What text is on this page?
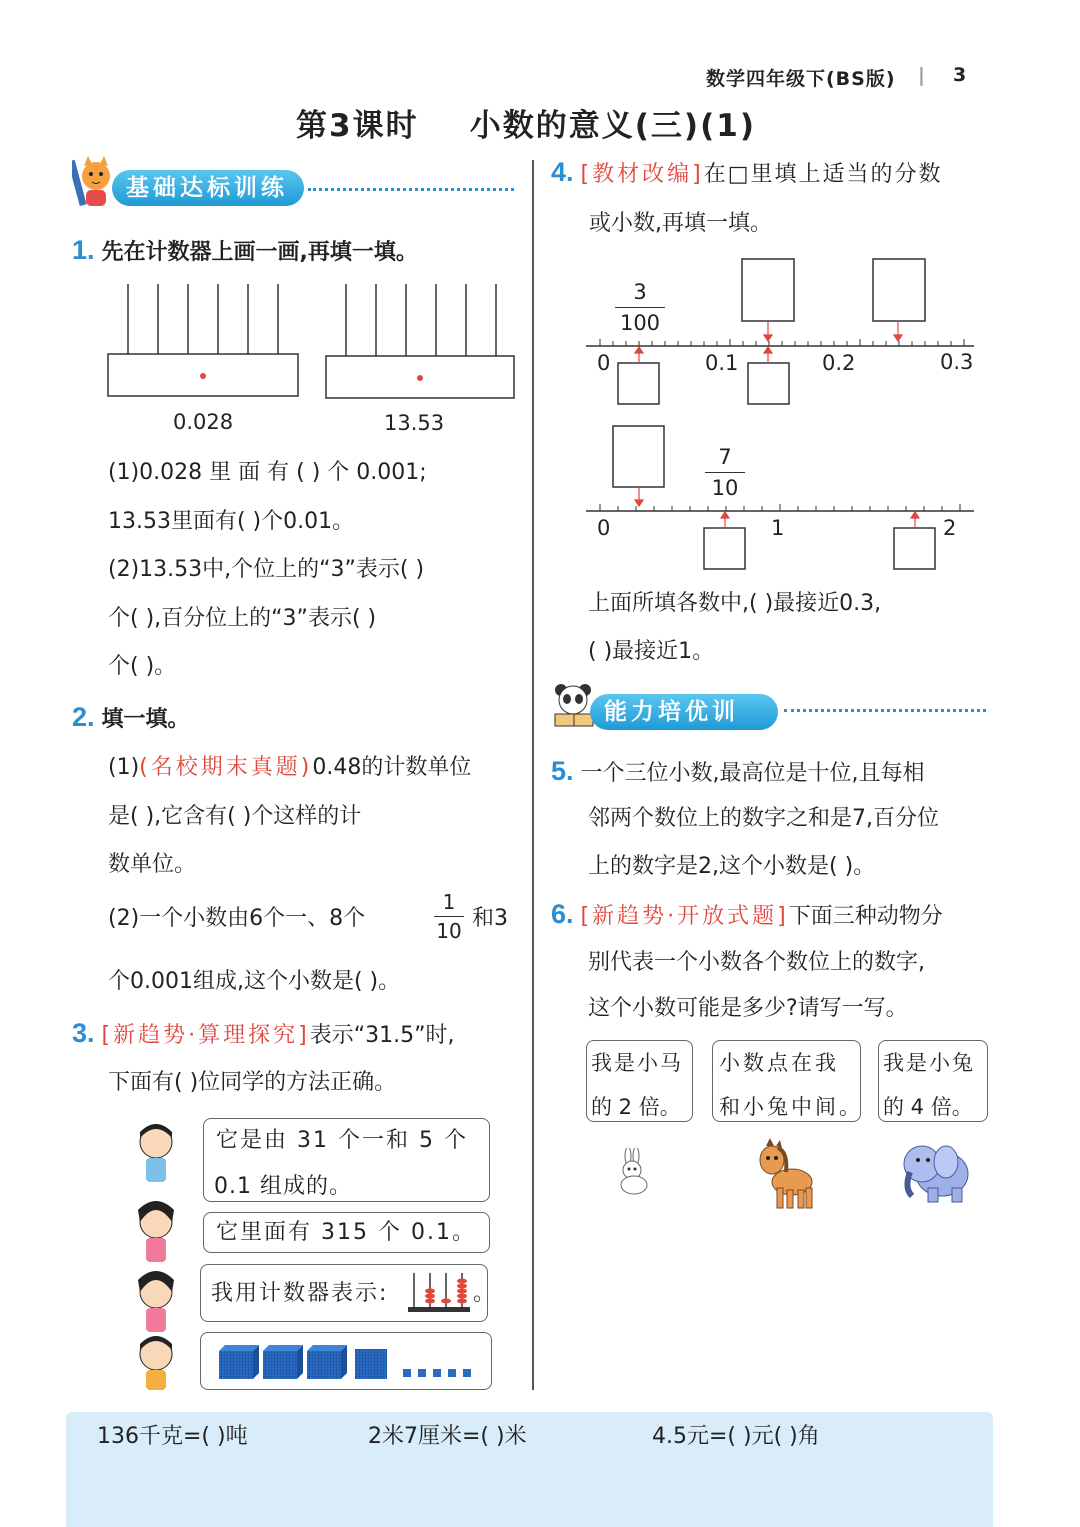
数学四年级下(BS版) | 3
第3课时    小数的意义(三)(1)
基础达标训练
1. 先在计数器上画一画,再填一填。
0.028	13.53
(1)0.028 里 面 有 ( ) 个 0.001;
13.53里面有( )个0.01。
(2)13.53中,个位上的“3”表示( )
个( ),百分位上的“3”表示( )
个( )。
2. 填一填。
(1)(名校期末真题)0.48的计数单位
是( ),它含有( )个这样的计
数单位。
(2)一个小数由6个一、8个
1
10 和3
个0.001组成,这个小数是( )。
3. [新趋势·算理探究]表示“31.5”时,
下面有( )位同学的方法正确。
它是由 31 个一和 5 个
0.1 组成的。
它里面有 315 个 0.1。
我用计数器表示:	。
4. [教材改编]在□里填上适当的分数
或小数,再填一填。
3
100
0	0.1	0.2	0.3
7
10
0	1	2
上面所填各数中,( )最接近0.3,
( )最接近1。
能力培优训练
5. 一个三位小数,最高位是十位,且每相
邻两个数位上的数字之和是7,百分位
上的数字是2,这个小数是( )。
6. [新趋势·开放式题]下面三种动物分
别代表一个小数各个数位上的数字,
这个小数可能是多少?请写一写。
我是小马
的 2 倍。
小数点在我
和小兔中间。
我是小兔
的 4 倍。
136千克=( )吨	2米7厘米=( )米	4.5元=( )元( )角
